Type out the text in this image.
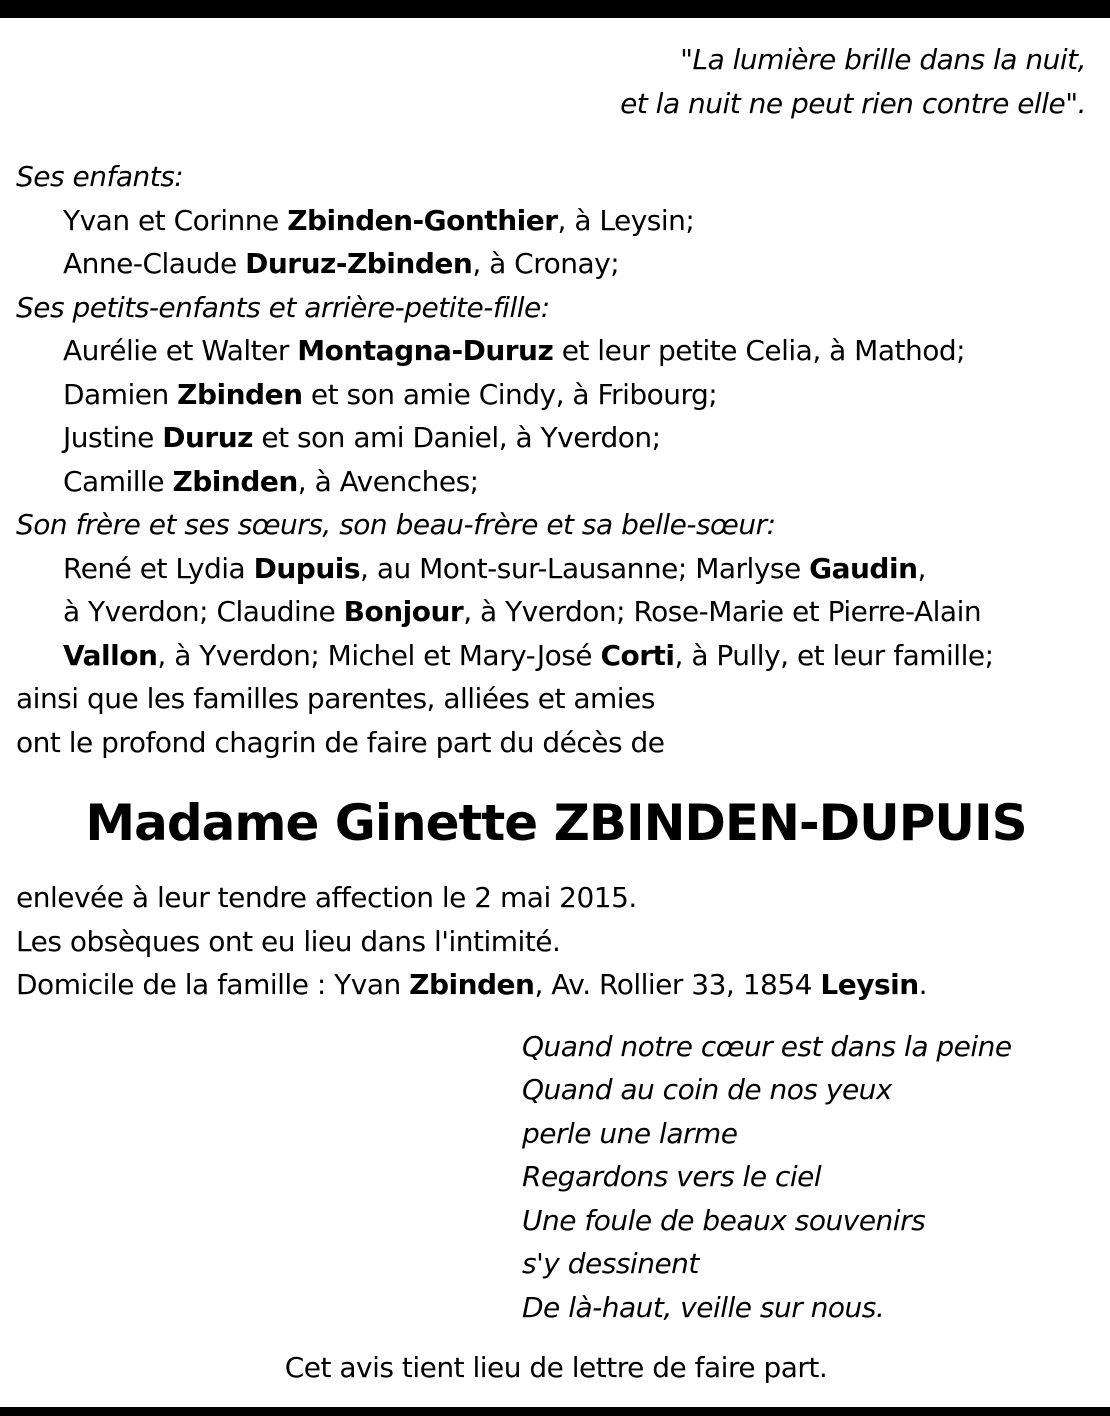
"La lumière brille dans la nuit,
et la nuit ne peut rien contre elle".
Ses enfants:
Yvan et Corinne Zbinden-Gonthier, à Leysin;
Anne-Claude Duruz-Zbinden, à Cronay;
Ses petits-enfants et arrière-petite-fille:
Aurélie et Walter Montagna-Duruz et leur petite Celia, à Mathod;
Damien Zbinden et son amie Cindy, à Fribourg;
Justine Duruz et son ami Daniel, à Yverdon;
Camille Zbinden, à Avenches;
Son frère et ses sœurs, son beau-frère et sa belle-sœur:
René et Lydia Dupuis, au Mont-sur-Lausanne; Marlyse Gaudin,
à Yverdon; Claudine Bonjour, à Yverdon; Rose-Marie et Pierre-Alain
Vallon, à Yverdon; Michel et Mary-José Corti, à Pully, et leur famille;
ainsi que les familles parentes, alliées et amies
ont le profond chagrin de faire part du décès de
Madame Ginette ZBINDEN-DUPUIS
enlevée à leur tendre affection le 2 mai 2015.
Les obsèques ont eu lieu dans l'intimité.
Domicile de la famille : Yvan Zbinden, Av. Rollier 33, 1854 Leysin.
Quand notre cœur est dans la peine
Quand au coin de nos yeux
perle une larme
Regardons vers le ciel
Une foule de beaux souvenirs
s'y dessinent
De là-haut, veille sur nous.
Cet avis tient lieu de lettre de faire part.
